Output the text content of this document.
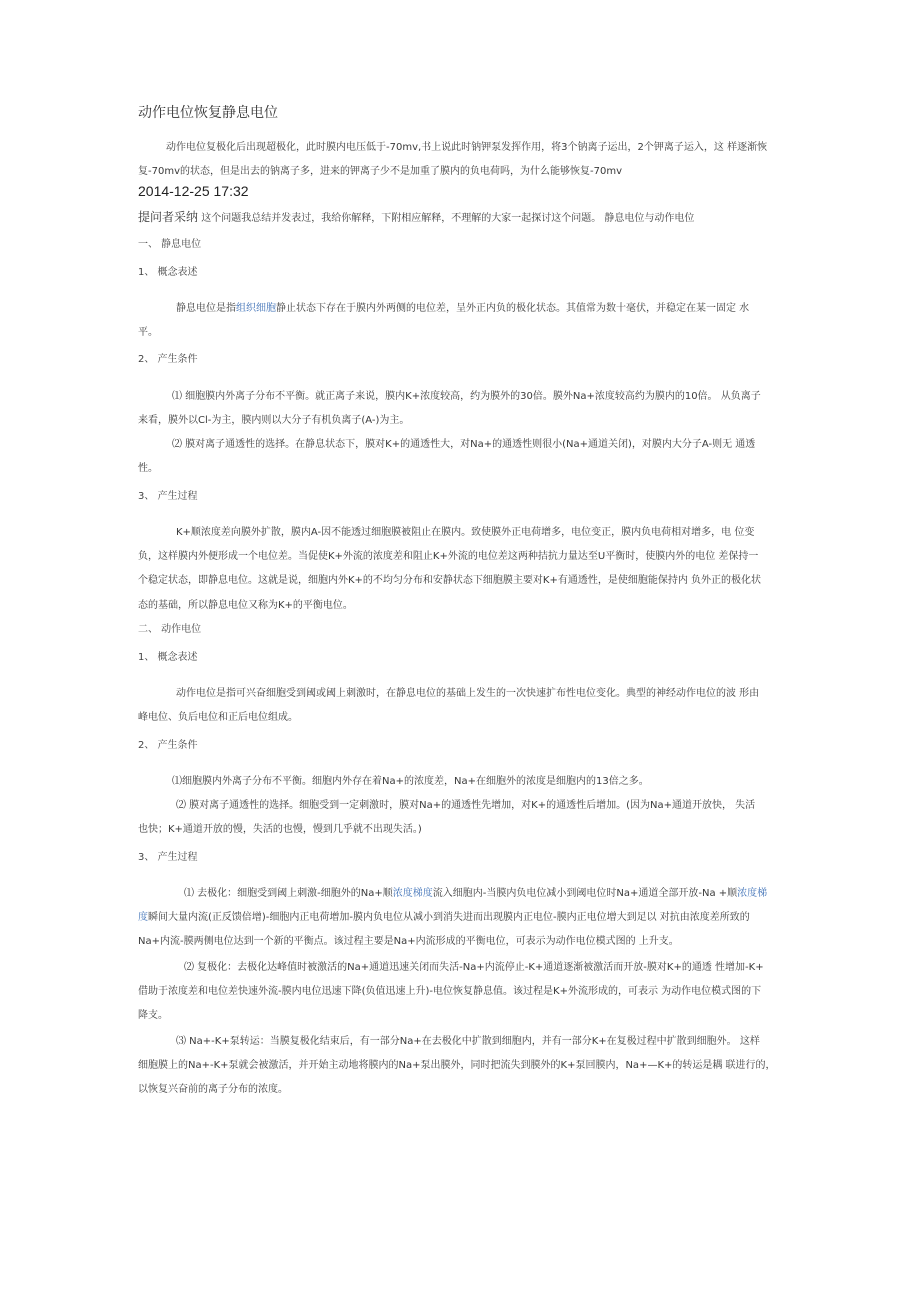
动作电位恢复静息电位
动作电位复极化后出现超极化，此时膜内电压低于-70mv,书上说此时钠钾泵发挥作用，将3个钠离子运出，2个钾离子运入，这 样逐渐恢
复-70mv的状态，但是出去的钠离子多，进来的钾离子少不是加重了膜内的负电荷吗，为什么能够恢复-70mv
2014-12-25 17:32
提问者采纳 这个问题我总结并发表过，我给你解释，下附相应解释，不理解的大家一起探讨这个问题。 静息电位与动作电位
一、 静息电位
1、 概念表述
静息电位是指组织细胞静止状态下存在于膜内外两侧的电位差，呈外正内负的极化状态。其值常为数十毫伏，并稳定在某一固定 水
平。
2、 产生条件
⑴ 细胞膜内外离子分布不平衡。就正离子来说，膜内K+浓度较高，约为膜外的30倍。膜外Na+浓度较高约为膜内的10倍。 从负离子
来看，膜外以Cl-为主，膜内则以大分子有机负离子(A-)为主。
⑵ 膜对离子通透性的选择。在静息状态下，膜对K+的通透性大，对Na+的通透性则很小(Na+通道关闭)，对膜内大分子A-则无 通透
性。
3、 产生过程
K+顺浓度差向膜外扩散，膜内A-因不能透过细胞膜被阻止在膜内。致使膜外正电荷增多，电位变正，膜内负电荷相对增多，电 位变
负，这样膜内外便形成一个电位差。当促使K+外流的浓度差和阻止K+外流的电位差这两种拮抗力量达至U平衡时，使膜内外的电位 差保持一
个稳定状态，即静息电位。这就是说，细胞内外K+的不均匀分布和安静状态下细胞膜主要对K+有通透性，是使细胞能保持内 负外正的极化状
态的基础，所以静息电位又称为K+的平衡电位。
二、 动作电位
1、 概念表述
动作电位是指可兴奋细胞受到阈或阈上刺激时，在静息电位的基础上发生的一次快速扩布性电位变化。典型的神经动作电位的波 形由
峰电位、负后电位和正后电位组成。
2、 产生条件
⑴细胞膜内外离子分布不平衡。细胞内外存在着Na+的浓度差，Na+在细胞外的浓度是细胞内的13倍之多。
⑵ 膜对离子通透性的选择。细胞受到一定刺激时，膜对Na+的通透性先增加，对K+的通透性后增加。(因为Na+通道开放快， 失活
也快；K+通道开放的慢，失活的也慢，慢到几乎就不出现失活。)
3、 产生过程
⑴ 去极化：细胞受到阈上刺激-细胞外的Na+顺浓度梯度流入细胞内-当膜内负电位减小到阈电位时Na+通道全部开放-Na +顺浓度梯
度瞬间大量内流(正反馈倍增)-细胞内正电荷增加-膜内负电位从减小到消失进而出现膜内正电位-膜内正电位增大到足以 对抗由浓度差所致的
Na+内流-膜两侧电位达到一个新的平衡点。该过程主要是Na+内流形成的平衡电位，可表示为动作电位模式图的 上升支。
⑵ 复极化：去极化达峰值时被激活的Na+通道迅速关闭而失活-Na+内流停止-K+通道逐渐被激活而开放-膜对K+的通透 性增加-K+
借助于浓度差和电位差快速外流-膜内电位迅速下降(负值迅速上升)-电位恢复静息值。该过程是K+外流形成的，可表示 为动作电位模式图的下
降支。
⑶ Na+-K+泵转运：当膜复极化结束后，有一部分Na+在去极化中扩散到细胞内，并有一部分K+在复极过程中扩散到细胞外。 这样
细胞膜上的Na+-K+泵就会被激活，并开始主动地将膜内的Na+泵出膜外，同时把流失到膜外的K+泵回膜内，Na+—K+的转运是耦 联进行的，
以恢复兴奋前的离子分布的浓度。
